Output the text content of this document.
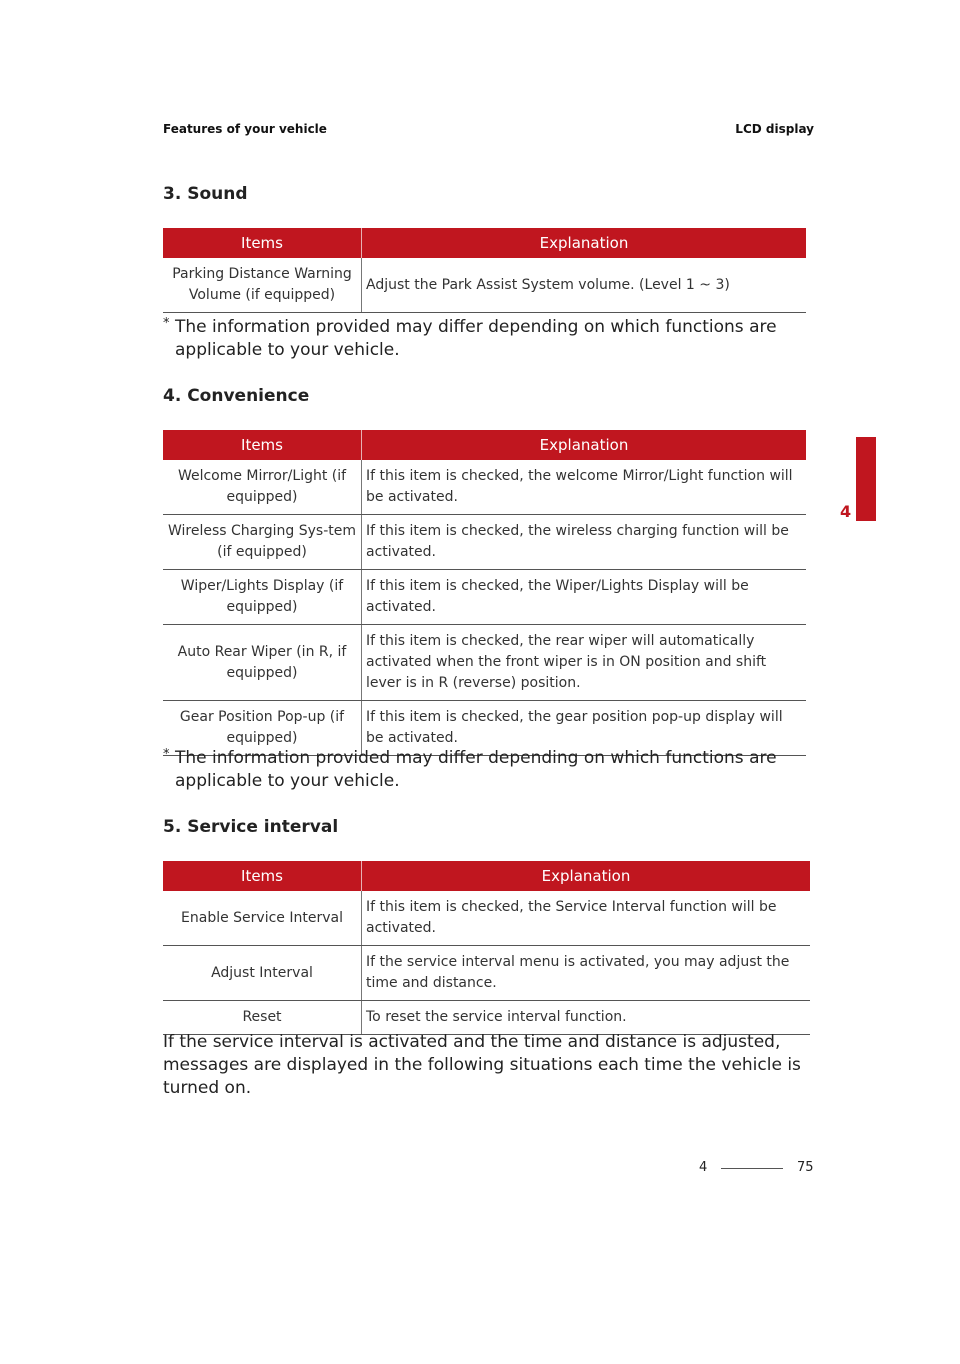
Features of your vehicle	LCD display
4
3. Sound
Items	Explanation
Parking Distance Warning Volume (if equipped)	Adjust the Park Assist System volume. (Level 1 ~ 3)
* The information provided may differ depending on which functions are applicable to your vehicle.
4. Convenience
Items	Explanation
Welcome Mirror/Light (if equipped)	If this item is checked, the welcome Mirror/Light function will be activated.
Wireless Charging Sys-tem (if equipped)	If this item is checked, the wireless charging function will be activated.
Wiper/Lights Display (if equipped)	If this item is checked, the Wiper/Lights Display will be activated.
Auto Rear Wiper (in R, if equipped)	If this item is checked, the rear wiper will automatically activated when the front wiper is in ON position and shift lever is in R (reverse) position.
Gear Position Pop-up (if equipped)	If this item is checked, the gear position pop-up display will be activated.
* The information provided may differ depending on which functions are applicable to your vehicle.
5. Service interval
Items	Explanation
Enable Service Interval	If this item is checked, the Service Interval function will be activated.
Adjust Interval	If the service interval menu is activated, you may adjust the time and distance.
Reset	To reset the service interval function.
If the service interval is activated and the time and distance is adjusted, messages are displayed in the following situations each time the vehicle is turned on.
4	75
